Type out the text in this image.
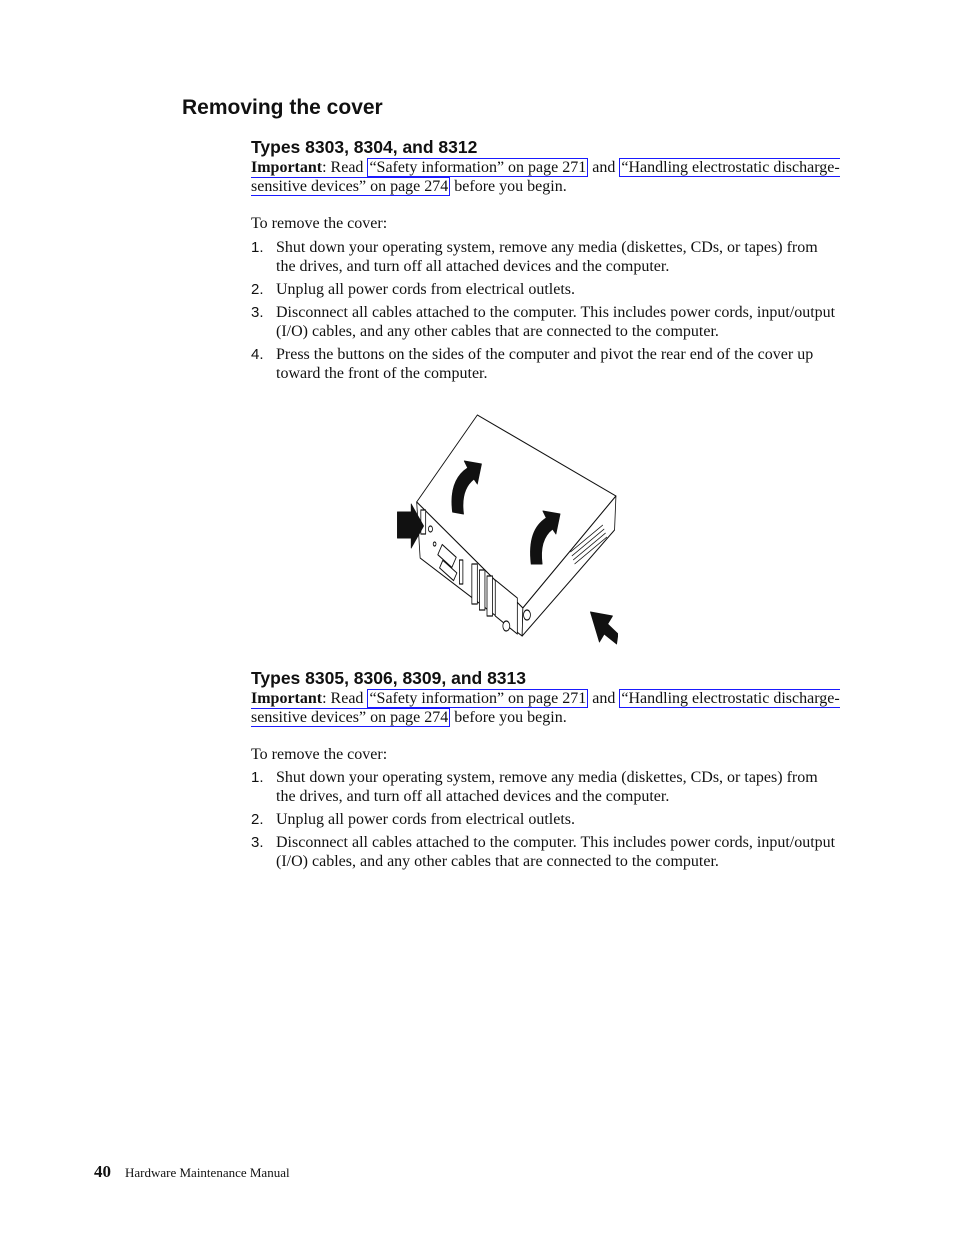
Removing the cover
Types 8303, 8304, and 8312
Important: Read “Safety information” on page 271 and “Handling electrostatic discharge-sensitive devices” on page 274 before you begin.
To remove the cover:
1. Shut down your operating system, remove any media (diskettes, CDs, or tapes) from the drives, and turn off all attached devices and the computer.
2. Unplug all power cords from electrical outlets.
3. Disconnect all cables attached to the computer. This includes power cords, input/output (I/O) cables, and any other cables that are connected to the computer.
4. Press the buttons on the sides of the computer and pivot the rear end of the cover up toward the front of the computer.
Types 8305, 8306, 8309, and 8313
Important: Read “Safety information” on page 271 and “Handling electrostatic discharge-sensitive devices” on page 274 before you begin.
To remove the cover:
1. Shut down your operating system, remove any media (diskettes, CDs, or tapes) from the drives, and turn off all attached devices and the computer.
2. Unplug all power cords from electrical outlets.
3. Disconnect all cables attached to the computer. This includes power cords, input/output (I/O) cables, and any other cables that are connected to the computer.
40 Hardware Maintenance Manual
